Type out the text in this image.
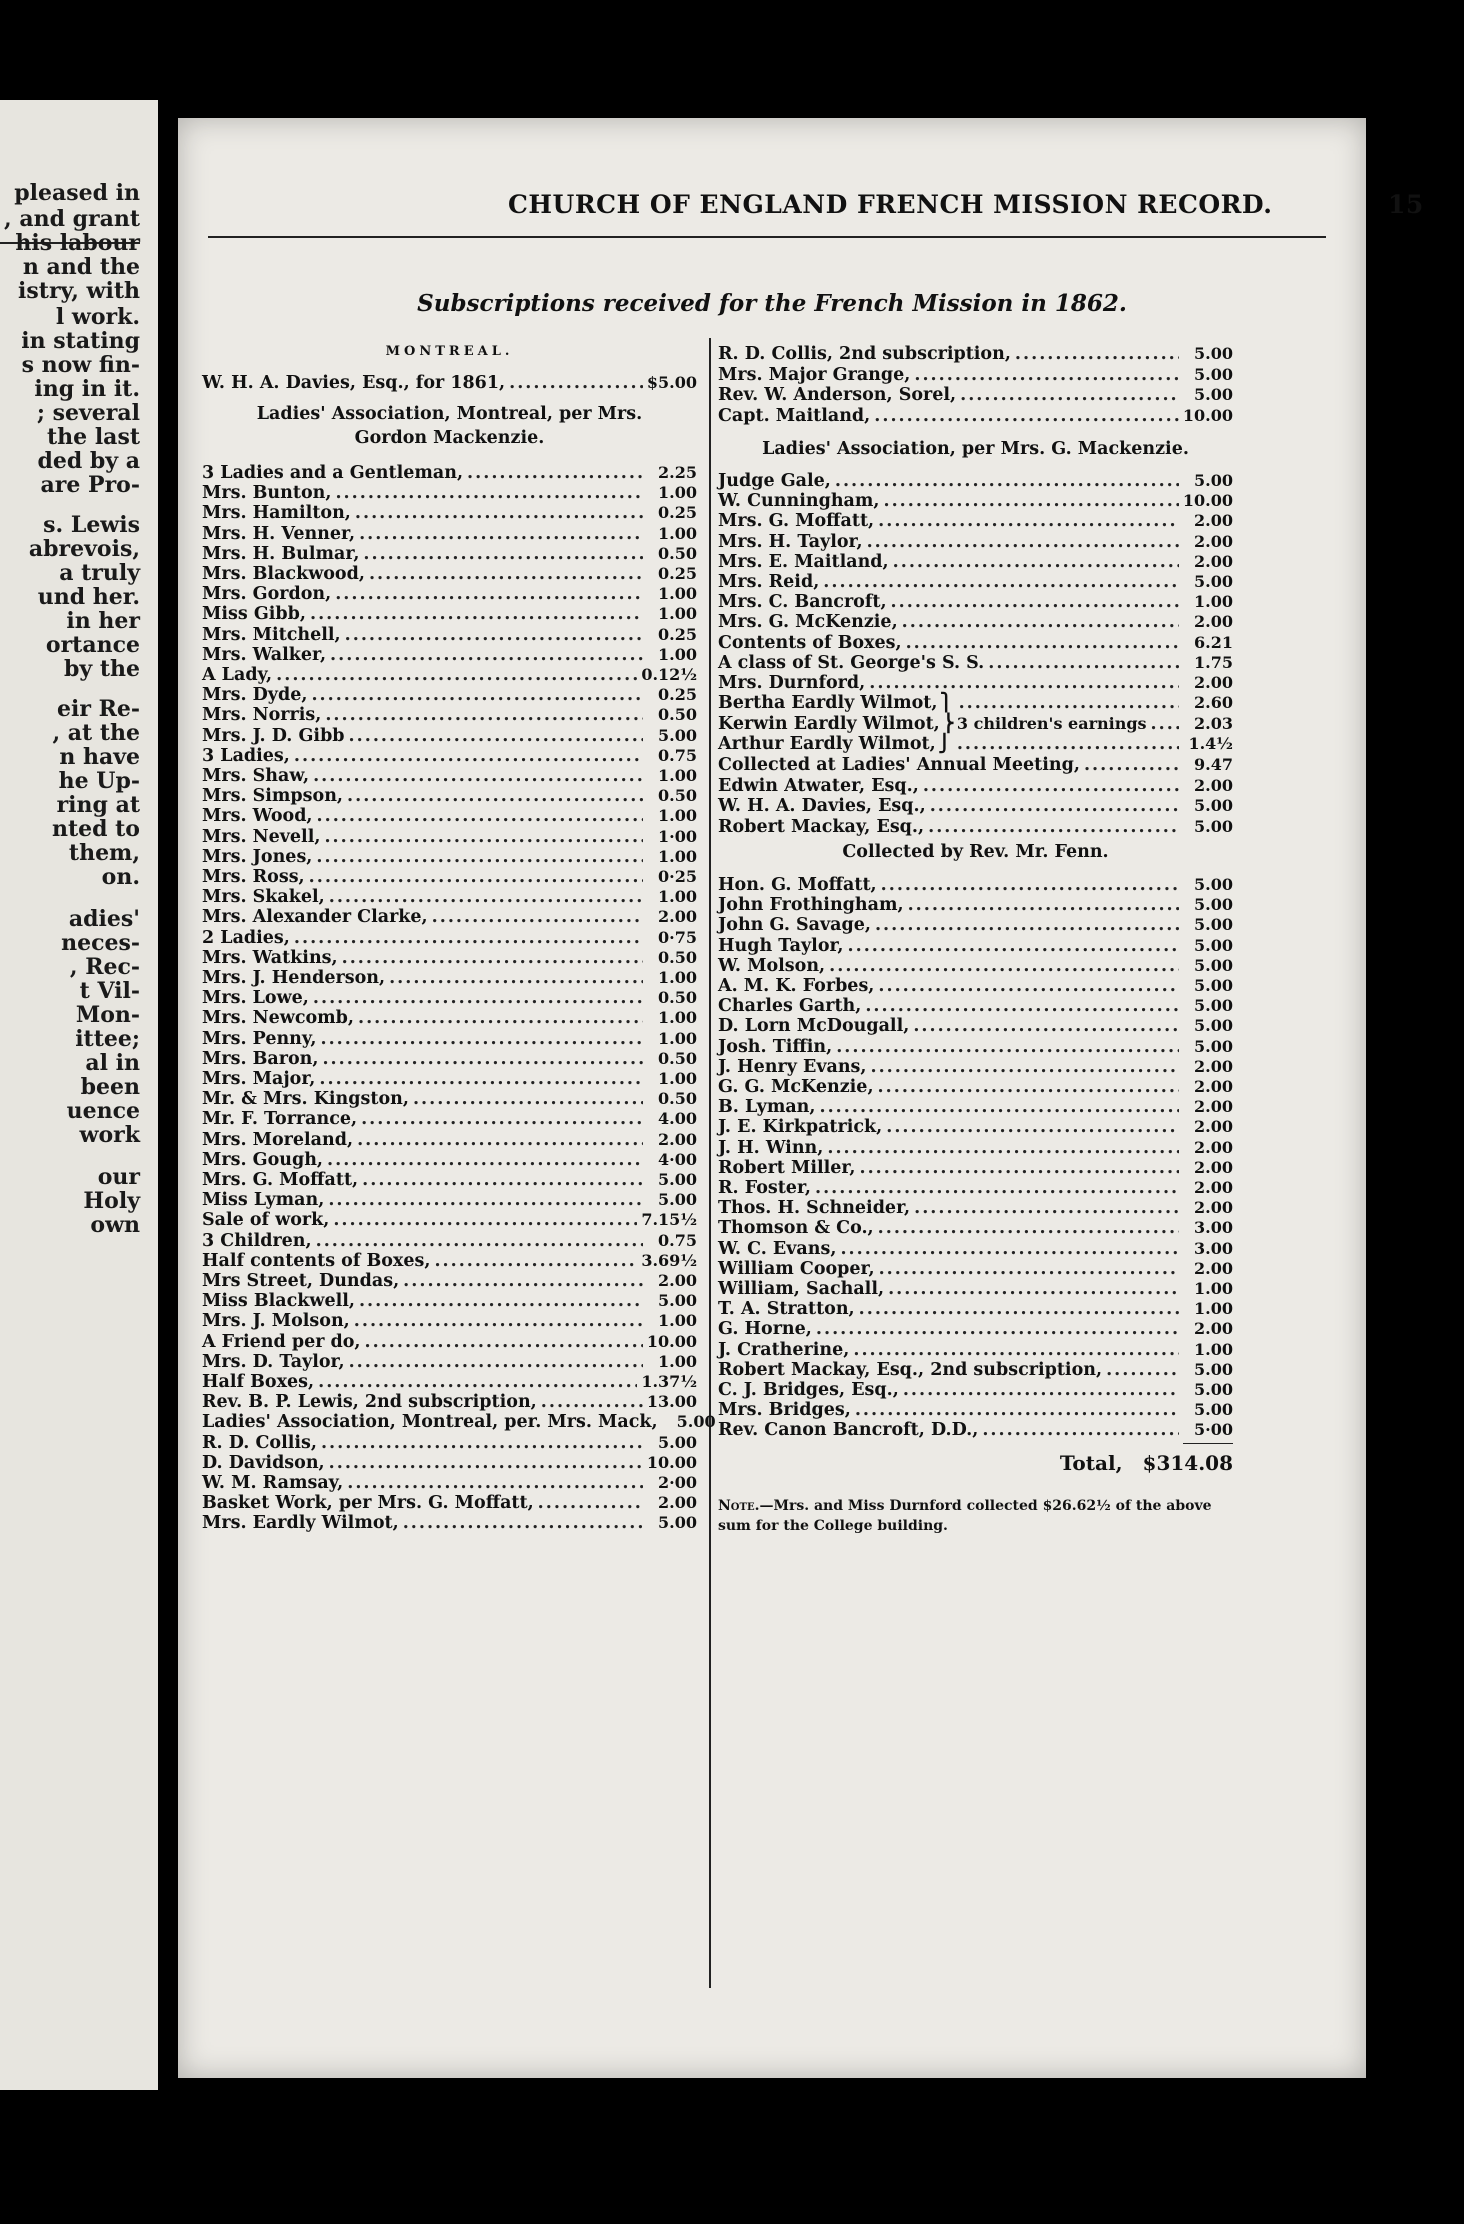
pleased in
, and grant
his labour
n and the
istry, with
l work.
in stating
s now fin-
ing in it.
; several
the last
ded by a
are Pro-
s. Lewis
abrevois,
a truly
und her.
in her
ortance
by the
eir Re-
, at the
n have
he Up-
ring at
nted to
them,
on.
adies'
neces-
, Rec-
t Vil-
Mon-
ittee;
al in
been
uence
work
our
Holy
own
CHURCH OF ENGLAND FRENCH MISSION RECORD.	15
Subscriptions received for the French Mission in 1862.
MONTREAL.
W. H. A. Davies, Esq., for 1861, .....	$5.00
Ladies' Association, Montreal, per Mrs. Gordon Mackenzie.
3 Ladies and a Gentleman, .....	2.25
Mrs. Bunton, .....	1.00
Mrs. Hamilton, .....	0.25
Mrs. H. Venner, .....	1.00
Mrs. H. Bulmar, .....	0.50
Mrs. Blackwood, .....	0.25
Mrs. Gordon, .....	1.00
Miss Gibb, .....	1.00
Mrs. Mitchell, .....	0.25
Mrs. Walker, .....	1.00
A Lady, .....	0.12½
Mrs. Dyde, .....	0.25
Mrs. Norris, .....	0.50
Mrs. J. D. Gibb .....	5.00
3 Ladies, .....	0.75
Mrs. Shaw, .....	1.00
Mrs. Simpson, .....	0.50
Mrs. Wood, .....	1.00
Mrs. Nevell, .....	1·00
Mrs. Jones, .....	1.00
Mrs. Ross, .....	0·25
Mrs. Skakel, .....	1.00
Mrs. Alexander Clarke, .....	2.00
2 Ladies, .....	0·75
Mrs. Watkins, .....	0.50
Mrs. J. Henderson, .....	1.00
Mrs. Lowe, .....	0.50
Mrs. Newcomb, .....	1.00
Mrs. Penny, .....	1.00
Mrs. Baron, .....	0.50
Mrs. Major, .....	1.00
Mr. & Mrs. Kingston, .....	0.50
Mr. F. Torrance, .....	4.00
Mrs. Moreland, .....	2.00
Mrs. Gough, .....	4·00
Mrs. G. Moffatt, .....	5.00
Miss Lyman, .....	5.00
Sale of work, .....	7.15½
3 Children, .....	0.75
Half contents of Boxes, .....	3.69½
Mrs Street, Dundas, .....	2.00
Miss Blackwell, .....	5.00
Mrs. J. Molson, .....	1.00
A Friend per do, .....	10.00
Mrs. D. Taylor, .....	1.00
Half Boxes, .....	1.37½
Rev. B. P. Lewis, 2nd subscription, .....	13.00
Ladies' Association, Montreal, per. Mrs. Mack,	5.00
R. D. Collis, .....	5.00
D. Davidson, .....	10.00
W. M. Ramsay, .....	2·00
Basket Work, per Mrs. G. Moffatt, .....	2.00
Mrs. Eardly Wilmot, .....	5.00
R. D. Collis, 2nd subscription, .....	5.00
Mrs. Major Grange, .....	5.00
Rev. W. Anderson, Sorel, .....	5.00
Capt. Maitland, .....	10.00
Ladies' Association, per Mrs. G. Mackenzie.
Judge Gale, .....	5.00
W. Cunningham, .....	10.00
Mrs. G. Moffatt, .....	2.00
Mrs. H. Taylor, .....	2.00
Mrs. E. Maitland, .....	2.00
Mrs. Reid, .....	5.00
Mrs. C. Bancroft, .....	1.00
Mrs. G. McKenzie, .....	2.00
Contents of Boxes, .....	6.21
A class of St. George's S. S. .....	1.75
Mrs. Durnford, .....	2.00
Bertha Eardly Wilmot, ⎫ .....	2.60
Kerwin Eardly Wilmot, ⎬ 3 children's earnings .....	2.03
Arthur Eardly Wilmot, ⎭ .....	1.4½
Collected at Ladies' Annual Meeting, .....	9.47
Edwin Atwater, Esq., .....	2.00
W. H. A. Davies, Esq., .....	5.00
Robert Mackay, Esq., .....	5.00
Collected by Rev. Mr. Fenn.
Hon. G. Moffatt, .....	5.00
John Frothingham, .....	5.00
John G. Savage, .....	5.00
Hugh Taylor, .....	5.00
W. Molson, .....	5.00
A. M. K. Forbes, .....	5.00
Charles Garth, .....	5.00
D. Lorn McDougall, .....	5.00
Josh. Tiffin, .....	5.00
J. Henry Evans, .....	2.00
G. G. McKenzie, .....	2.00
B. Lyman, .....	2.00
J. E. Kirkpatrick, .....	2.00
J. H. Winn, .....	2.00
Robert Miller, .....	2.00
R. Foster, .....	2.00
Thos. H. Schneider, .....	2.00
Thomson & Co., .....	3.00
W. C. Evans, .....	3.00
William Cooper, .....	2.00
William, Sachall, .....	1.00
T. A. Stratton, .....	1.00
G. Horne, .....	2.00
J. Cratherine, .....	1.00
Robert Mackay, Esq., 2nd subscription, .....	5.00
C. J. Bridges, Esq., .....	5.00
Mrs. Bridges, .....	5.00
Rev. Canon Bancroft, D.D., .....	5·00
Total, $314.08
Note.—Mrs. and Miss Durnford collected $26.62½ of the above sum for the College building.
